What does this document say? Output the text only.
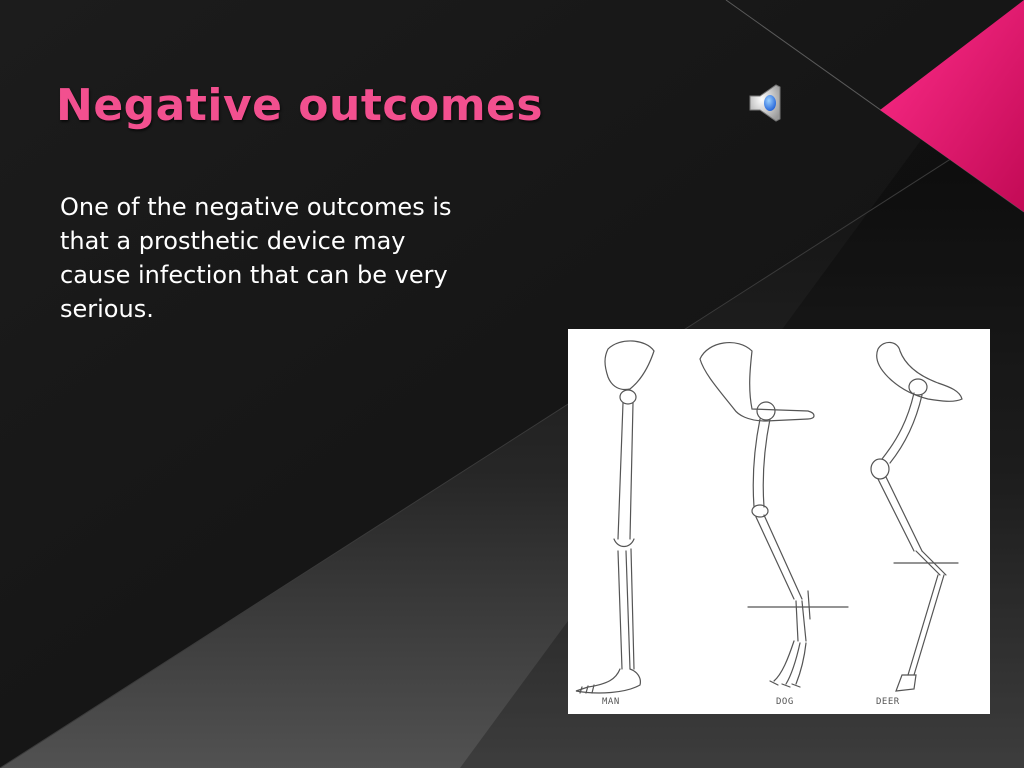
Negative outcomes

One of the negative outcomes is that a prosthetic device may cause infection that can be very serious.

MAN	DOG	DEER
